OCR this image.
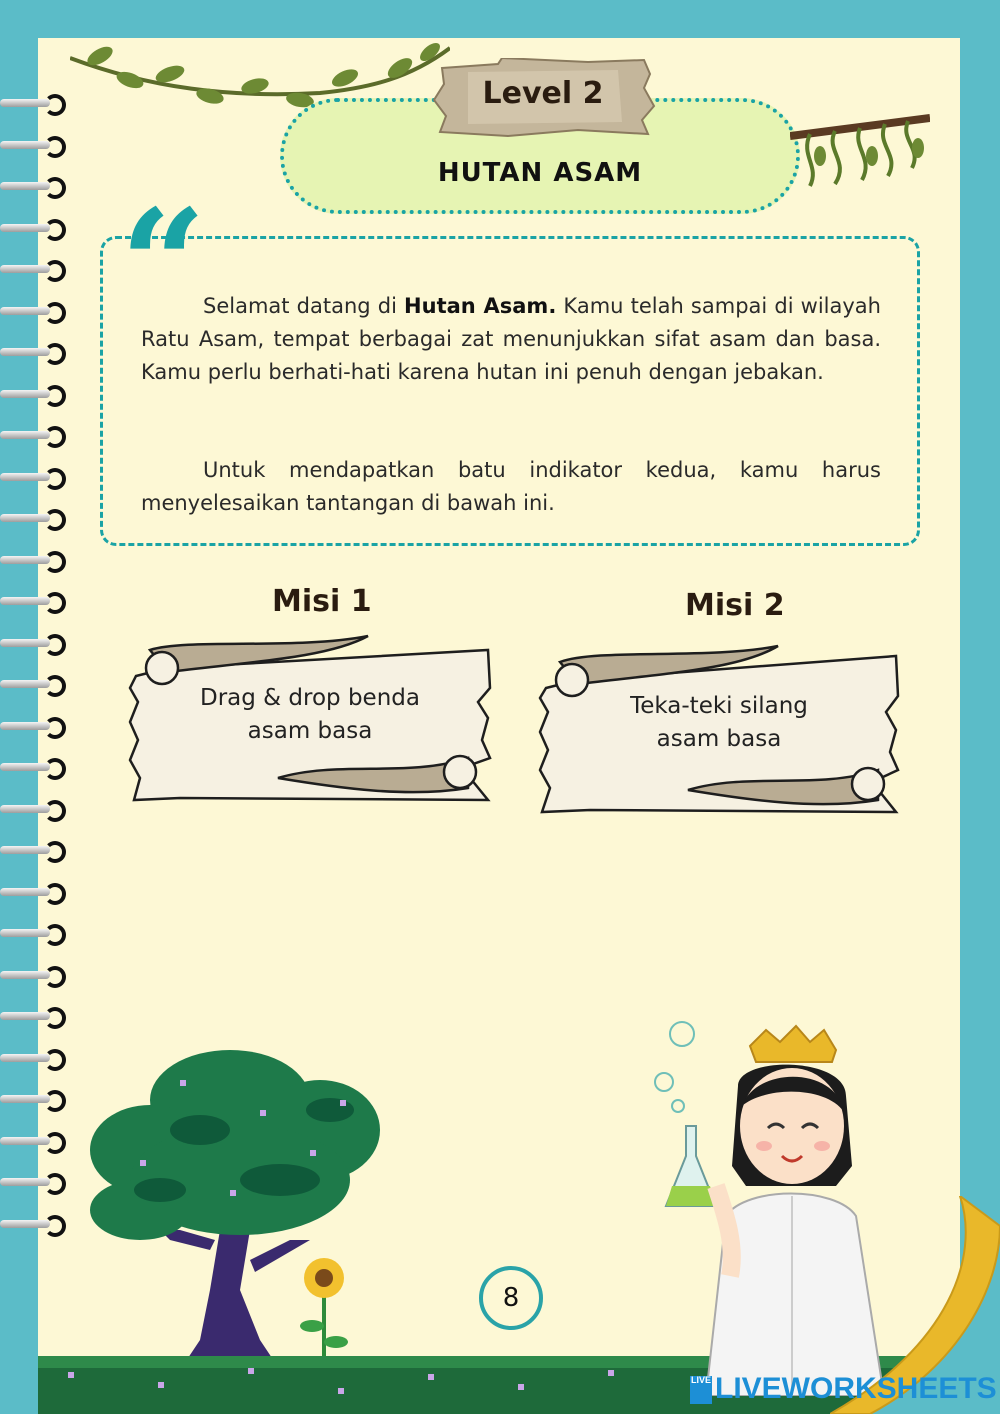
HUTAN ASAM
Level 2
“
Selamat datang di Hutan Asam. Kamu telah sampai di wilayah Ratu Asam, tempat berbagai zat menunjukkan sifat asam dan basa. Kamu perlu berhati-hati karena hutan ini penuh dengan jebakan.
Untuk mendapatkan batu indikator kedua, kamu harus menyelesaikan tantangan di bawah ini.
Misi 1
Drag & drop benda
asam basa
Misi 2
Teka-teki silang
asam basa
8
LIVE LIVEWORKSHEETS
